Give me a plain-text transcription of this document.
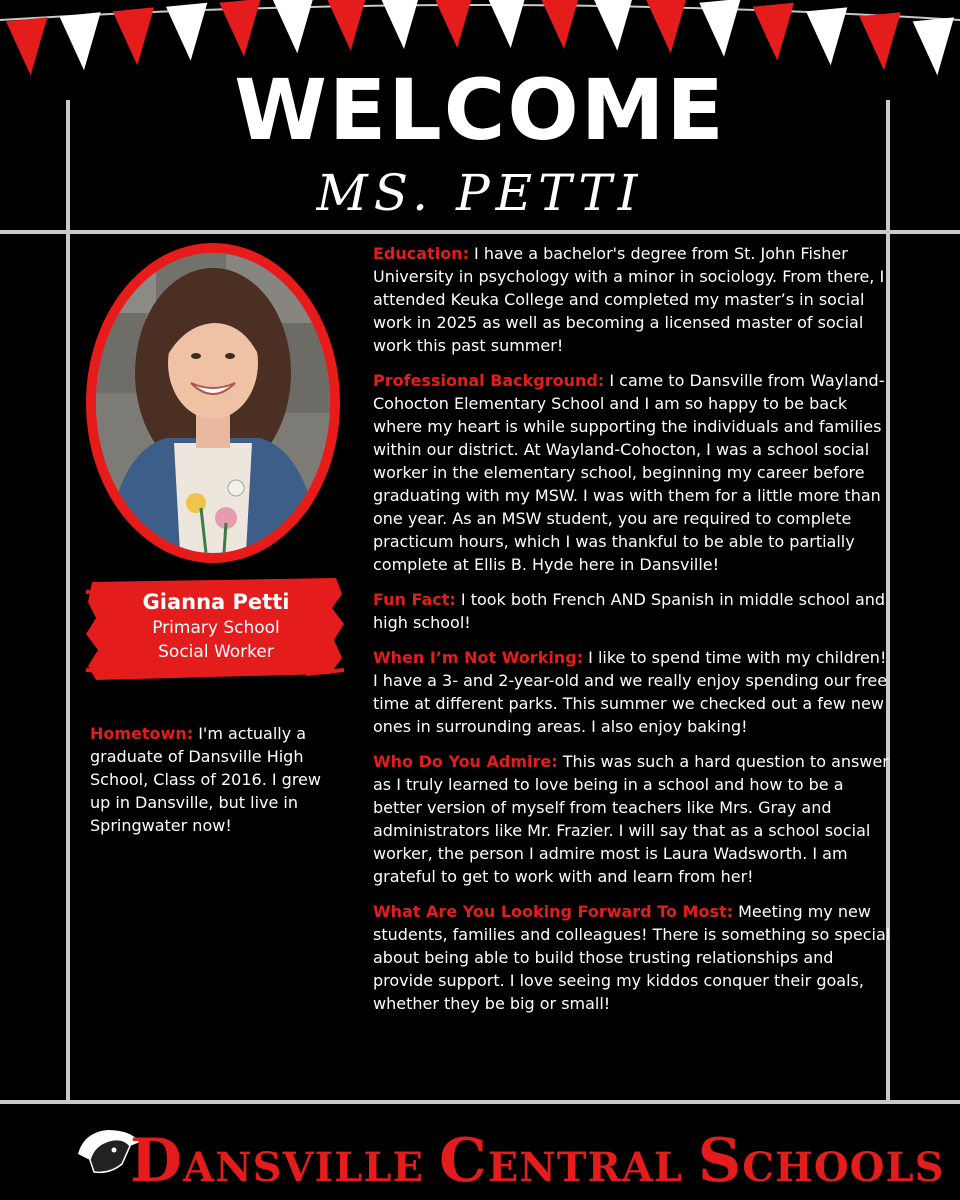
WELCOME
MS. PETTI
Gianna Petti
Primary School
Social Worker
Hometown: I'm actually a graduate of Dansville High School, Class of 2016. I grew up in Dansville, but live in Springwater now!

Education: I have a bachelor's degree from St. John Fisher University in psychology with a minor in sociology. From there, I attended Keuka College and completed my master’s in social work in 2025 as well as becoming a licensed master of social work this past summer!

Professional Background: I came to Dansville from Wayland-Cohocton Elementary School and I am so happy to be back where my heart is while supporting the individuals and families within our district. At Wayland-Cohocton, I was a school social worker in the elementary school, beginning my career before graduating with my MSW. I was with them for a little more than one year. As an MSW student, you are required to complete practicum hours, which I was thankful to be able to partially complete at Ellis B. Hyde here in Dansville!

Fun Fact: I took both French AND Spanish in middle school and high school!

When I’m Not Working: I like to spend time with my children! I have a 3- and 2-year-old and we really enjoy spending our free time at different parks. This summer we checked out a few new ones in surrounding areas. I also enjoy baking!

Who Do You Admire: This was such a hard question to answer as I truly learned to love being in a school and how to be a better version of myself from teachers like Mrs. Gray and administrators like Mr. Frazier. I will say that as a school social worker, the person I admire most is Laura Wadsworth. I am grateful to get to work with and learn from her!

What Are You Looking Forward To Most: Meeting my new students, families and colleagues! There is something so special about being able to build those trusting relationships and provide support. I love seeing my kiddos conquer their goals, whether they be big or small!

DANSVILLE CENTRAL SCHOOLS
